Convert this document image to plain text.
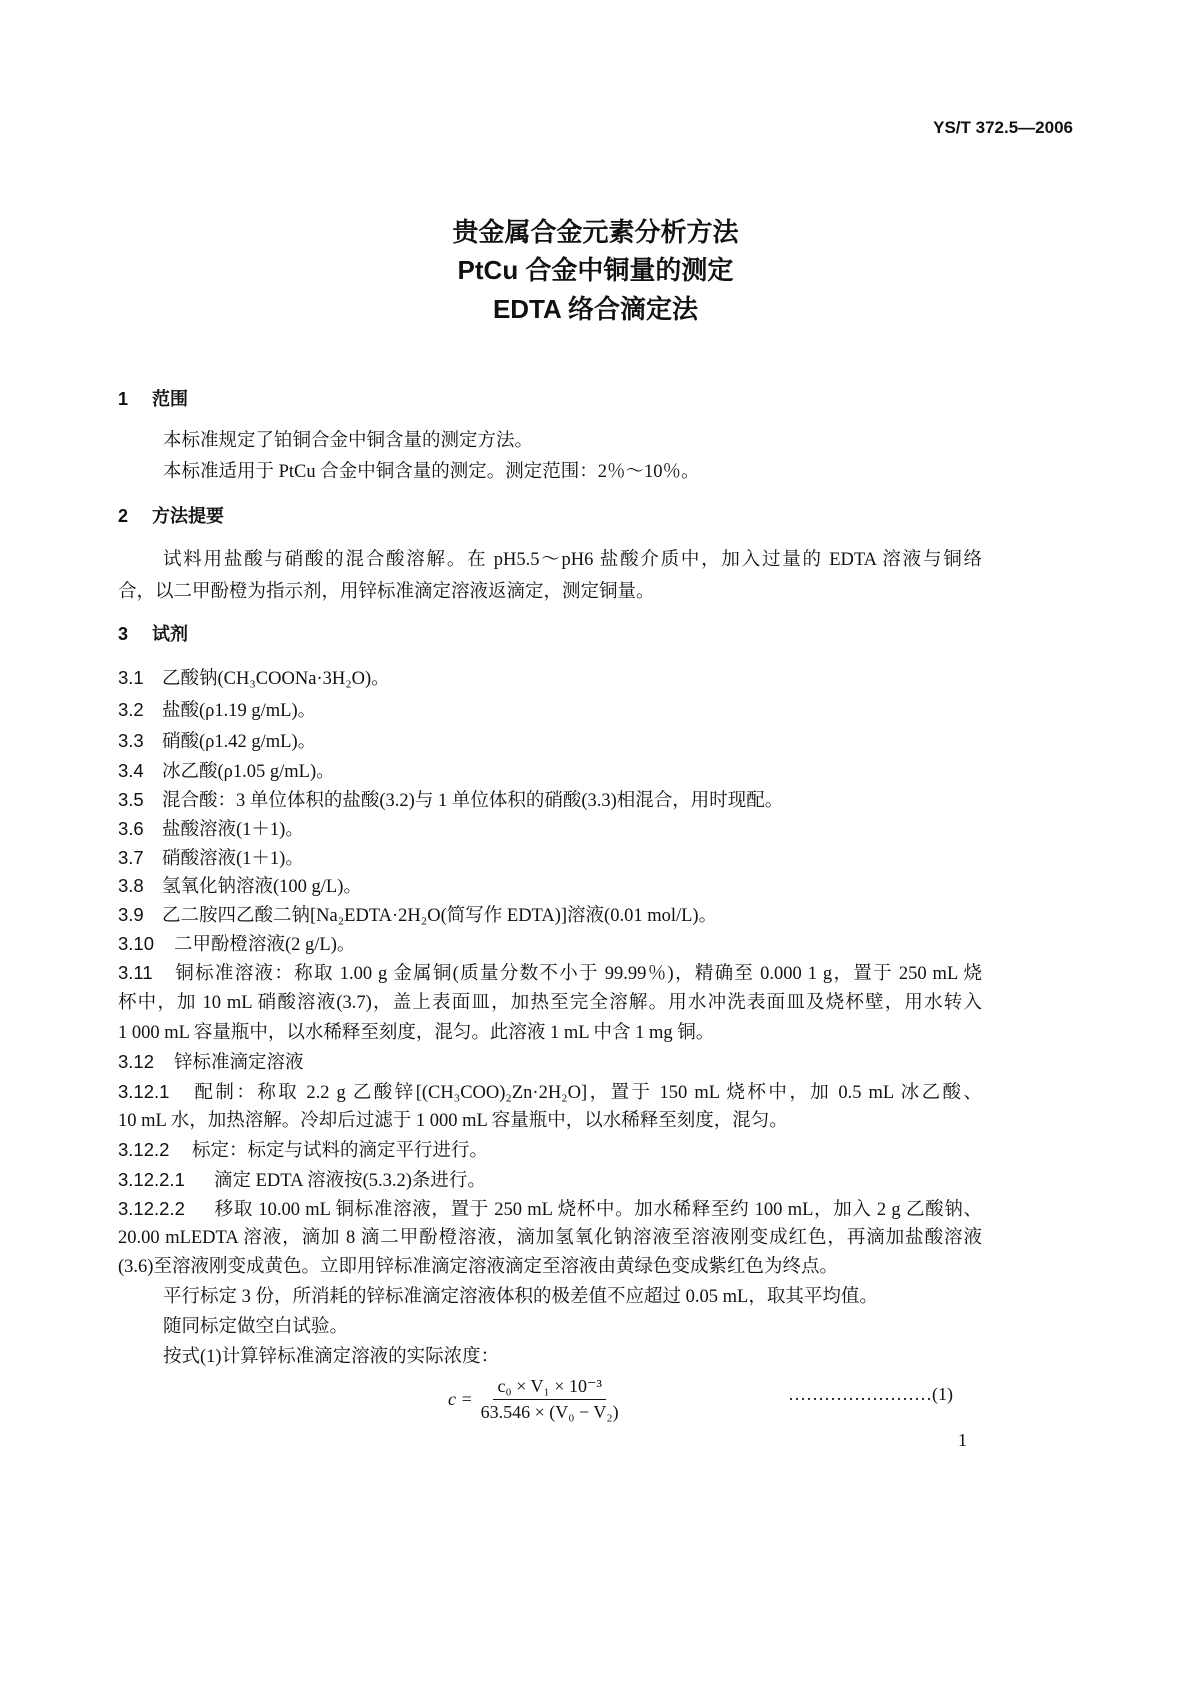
YS/T 372.5—2006
贵金属合金元素分析方法
PtCu 合金中铜量的测定
EDTA 络合滴定法
1 范围
本标准规定了铂铜合金中铜含量的测定方法。
本标准适用于 PtCu 合金中铜含量的测定。测定范围：2％～10％。
2 方法提要
试料用盐酸与硝酸的混合酸溶解。在 pH5.5～pH6 盐酸介质中，加入过量的 EDTA 溶液与铜络
合，以二甲酚橙为指示剂，用锌标准滴定溶液返滴定，测定铜量。
3 试剂
3.1 乙酸钠(CH₃COONa·3H₂O)。
3.2 盐酸(ρ1.19 g/mL)。
3.3 硝酸(ρ1.42 g/mL)。
3.4 冰乙酸(ρ1.05 g/mL)。
3.5 混合酸：3 单位体积的盐酸(3.2)与 1 单位体积的硝酸(3.3)相混合，用时现配。
3.6 盐酸溶液(1＋1)。
3.7 硝酸溶液(1＋1)。
3.8 氢氧化钠溶液(100 g/L)。
3.9 乙二胺四乙酸二钠[Na₂EDTA·2H₂O(简写作 EDTA)]溶液(0.01 mol/L)。
3.10 二甲酚橙溶液(2 g/L)。
3.11 铜标准溶液：称取 1.00 g 金属铜(质量分数不小于 99.99％)，精确至 0.000 1 g，置于 250 mL 烧
杯中，加 10 mL 硝酸溶液(3.7)，盖上表面皿，加热至完全溶解。用水冲洗表面皿及烧杯壁，用水转入
1 000 mL 容量瓶中，以水稀释至刻度，混匀。此溶液 1 mL 中含 1 mg 铜。
3.12 锌标准滴定溶液
3.12.1 配制：称取 2.2 g 乙酸锌[(CH₃COO)₂Zn·2H₂O]，置于 150 mL 烧杯中，加 0.5 mL 冰乙酸、
10 mL 水，加热溶解。冷却后过滤于 1 000 mL 容量瓶中，以水稀释至刻度，混匀。
3.12.2 标定：标定与试料的滴定平行进行。
3.12.2.1 滴定 EDTA 溶液按(5.3.2)条进行。
3.12.2.2 移取 10.00 mL 铜标准溶液，置于 250 mL 烧杯中。加水稀释至约 100 mL，加入 2 g 乙酸钠、
20.00 mLEDTA 溶液，滴加 8 滴二甲酚橙溶液，滴加氢氧化钠溶液至溶液刚变成红色，再滴加盐酸溶液
(3.6)至溶液刚变成黄色。立即用锌标准滴定溶液滴定至溶液由黄绿色变成紫红色为终点。
平行标定 3 份，所消耗的锌标准滴定溶液体积的极差值不应超过 0.05 mL，取其平均值。
随同标定做空白试验。
按式(1)计算锌标准滴定溶液的实际浓度：
$c = \frac{\text{c₀ × V₁ × 10⁻³}}{\text{63.546 × (V₀ − V₂)}}$	……………………(1)
1
